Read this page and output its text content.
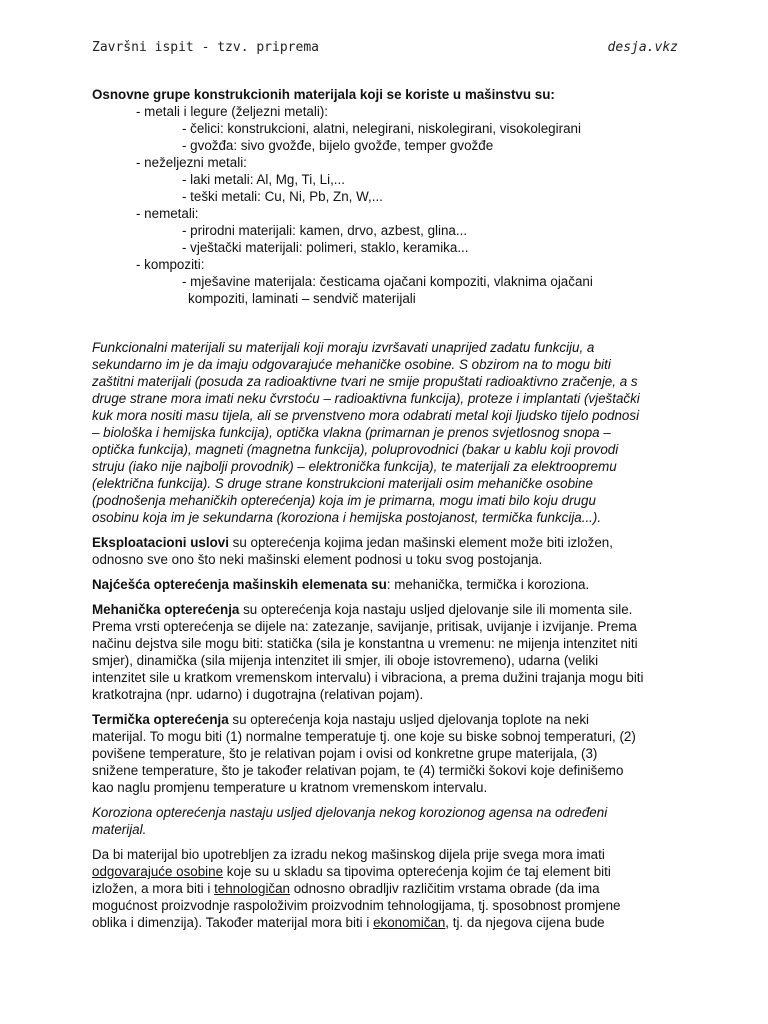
Završni ispit - tzv. priprema	desja.vkz

Osnovne grupe konstrukcionih materijala koji se koriste u mašinstvu su:

- metali i legure (željezni metali):
- čelici: konstrukcioni, alatni, nelegirani, niskolegirani, visokolegirani
- gvožđa: sivo gvožđe, bijelo gvožđe, temper gvožđe
- neželjezni metali:
- laki metali: Al, Mg, Ti, Li,...
- teški metali: Cu, Ni, Pb, Zn, W,...
- nemetali:
- prirodni materijali: kamen, drvo, azbest, glina...
- vještački materijali: polimeri, staklo, keramika...
- kompoziti:
- mješavine materijala: česticama ojačani kompoziti, vlaknima ojačani
kompoziti, laminati – sendvič materijali
Funkcionalni materijali su materijali koji moraju izvršavati unaprijed zadatu funkciju, a
sekundarno im je da imaju odgovarajuće mehaničke osobine. S obzirom na to mogu biti
zaštitni materijali (posuda za radioaktivne tvari ne smije propuštati radioaktivno zračenje, a s
druge strane mora imati neku čvrstoću – radioaktivna funkcija), proteze i implantati (vještački
kuk mora nositi masu tijela, ali se prvenstveno mora odabrati metal koji ljudsko tijelo podnosi
– biološka i hemijska funkcija), optička vlakna (primarnan je prenos svjetlosnog snopa –
optička funkcija), magneti (magnetna funkcija), poluprovodnici (bakar u kablu koji provodi
struju (iako nije najbolji provodnik) – elektronička funkcija), te materijali za elektroopremu
(električna funkcija). S druge strane konstrukcioni materijali osim mehaničke osobine
(podnošenja mehaničkih opterećenja) koja im je primarna, mogu imati bilo koju drugu
osobinu koja im je sekundarna (koroziona i hemijska postojanost, termička funkcija...).
Eksploatacioni uslovi su opterećenja kojima jedan mašinski element može biti izložen,
odnosno sve ono što neki mašinski element podnosi u toku svog postojanja.
Najćešća opterećenja mašinskih elemenata su: mehanička, termička i koroziona.
Mehanička opterećenja su opterećenja koja nastaju usljed djelovanje sile ili momenta sile.
Prema vrsti opterećenja se dijele na: zatezanje, savijanje, pritisak, uvijanje i izvijanje. Prema
načinu dejstva sile mogu biti: statička (sila je konstantna u vremenu: ne mijenja intenzitet niti
smjer), dinamička (sila mijenja intenzitet ili smjer, ili oboje istovremeno), udarna (veliki
intenzitet sile u kratkom vremenskom intervalu) i vibraciona, a prema dužini trajanja mogu biti
kratkotrajna (npr. udarno) i dugotrajna (relativan pojam).
Termička opterećenja su opterećenja koja nastaju usljed djelovanja toplote na neki
materijal. To mogu biti (1) normalne temperatuje tj. one koje su biske sobnoj temperaturi, (2)
povišene temperature, što je relativan pojam i ovisi od konkretne grupe materijala, (3)
snižene temperature, što je također relativan pojam, te (4) termički šokovi koje definišemo
kao naglu promjenu temperature u kratnom vremenskom intervalu.
Koroziona opterećenja nastaju usljed djelovanja nekog korozionog agensa na određeni
materijal.
Da bi materijal bio upotrebljen za izradu nekog mašinskog dijela prije svega mora imati
odgovarajuće osobine koje su u skladu sa tipovima opterećenja kojim će taj element biti
izložen, a mora biti i tehnologičan odnosno obradljiv različitim vrstama obrade (da ima
mogućnost proizvodnje raspoloživim proizvodnim tehnologijama, tj. sposobnost promjene
oblika i dimenzija). Također materijal mora biti i ekonomičan, tj. da njegova cijena bude
